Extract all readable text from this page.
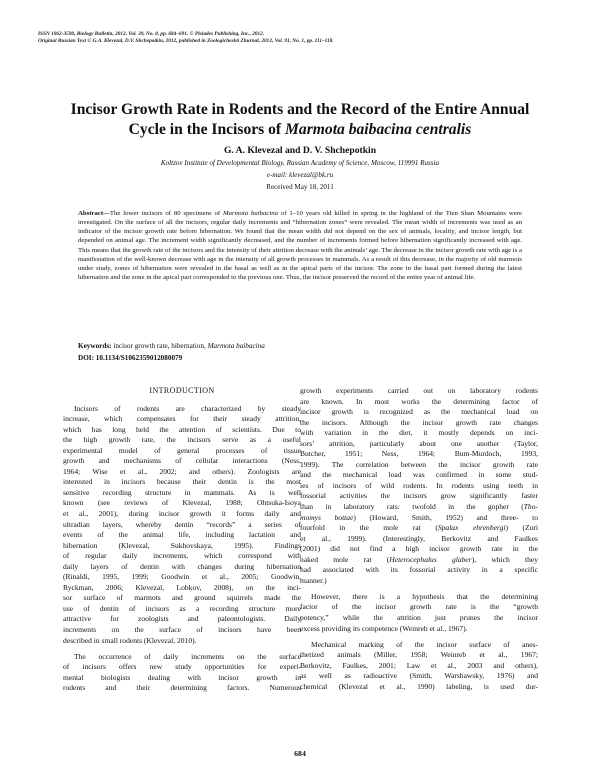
ISSN 1062-3590, Biology Bulletin, 2012, Vol. 39, No. 8, pp. 684–691. © Pleiades Publishing, Inc., 2012.
Original Russian Text © G.A. Klevezal, D.V. Shchepotkin, 2012, published in Zoologicheskii Zhurnal, 2012, Vol. 91, No. 1, pp. 111–118.
Incisor Growth Rate in Rodents and the Record of the Entire Annual
Cycle in the Incisors of Marmota baibacina centralis
G. A. Klevezal and D. V. Shchepotkin
Koltzov Institute of Developmental Biology, Russian Academy of Science, Moscow, 119991 Russia
e-mail: klevezal@bk.ru
Received May 18, 2011
Abstract—The lower incisors of 80 specimens of Marmota baibacina of 1–10 years old killed in spring in the highland of the Tien Shan Mountains were investigated. On the surface of all the incisors, regular daily increments and “hibernation zones” were revealed. The mean width of increments was used as an indicator of the incisor growth rate before hibernation. We found that the mean width did not depend on the sex of animals, locality, and incisor length, but depended on animal age. The increment width significantly decreased, and the number of increments formed before hibernation significantly increased with age. This means that the growth rate of the incisors and the intensity of their attrition decrease with the animals’ age. The decrease in the incisor growth rate with age is a manifestation of the well-known decrease with age in the intensity of all growth processes in mammals. As a result of this decrease, in the majority of old marmots under study, zones of hibernation were revealed in the basal as well as in the apical parts of the incisor. The zone in the basal part formed during the latest hibernation and the zone in the apical part corresponded to the previous one. Thus, the incisor preserved the record of the entire year of animal life.
Keywords: incisor growth rate, hibernation, Marmota baibacina
DOI: 10.1134/S1062359012080079
INTRODUCTION
Incisors of rodents are characterized by steady
increase, which compensates for their steady attrition,
which has long held the attention of scientists. Due to
the high growth rate, the incisors serve as a useful
experimental model of general processes of tissue
growth and mechanisms of cellular interactions (Ness,
1964; Wise et al., 2002; and others). Zoologists are
interested in incisors because their dentin is the most
sensitive recording structure in mammals. As is well
known (see reviews of Klevezal, 1988; Ohtsuka-Isoya
et al., 2001), during incisor growth it forms daily and
ultradian layers, whereby dentin “records” a series of
events of the animal life, including lactation and
hibernation (Klevezal, Sukhovskaya, 1995). Findings
of regular daily increments, which correspond with
daily layers of dentin with changes during hibernation
(Rinaldi, 1995, 1999; Goodwin et al., 2005; Goodwin,
Ryckman, 2006; Klevezal, Lobkov, 2008), on the inci-
sor surface of marmots and ground squirrels made the
use of dentin of incisors as a recording structure more
attractive for zoologists and paleontologists. Daily
increments on the surface of incisors have been
described in small rodents (Klevezal, 2010).
The occurrence of daily increments on the surface
of incisors offers new study opportunities for experi-
mental biologists dealing with incisor growth in
rodents and their determining factors. Numerous
growth experiments carried out on laboratory rodents
are known. In most works the determining factor of
incisor growth is recognized as the mechanical load on
the incisors. Although the incisor growth rate changes
with variation in the diet, it mostly depends on inci-
sors’ attrition, particularly about one another (Taylor,
Butcher, 1951; Ness, 1964; Bum-Murdoch, 1993,
1999). The correlation between the incisor growth rate
and the mechanical load was confirmed in some stud-
ies of incisors of wild rodents. In rodents using teeth in
fossorial activities the incisors grow significantly faster
than in laboratory rats: twofold in the gopher (Tho-
momys bottae) (Howard, Smith, 1952) and three- to
fourfold in the mole rat (Spalax ehrenbergi) (Zuri
et al., 1999). (Interestingly, Berkovitz and Faulkes
(2001) did not find a high incisor growth rate in the
naked mole rat (Heterocephalus glaber), which they
had associated with its fossorial activity in a specific
manner.)
However, there is a hypothesis that the determining
factor of the incisor growth rate is the “growth
potency,” while the attrition just prunes the incisor
excess providing its competence (Weinreb et al., 1967).
Mechanical marking of the incisor surface of anes-
thetized animals (Miller, 1958; Weinreb et al., 1967;
Berkovitz, Faulkes, 2001; Law et al., 2003 and others),
as well as radioactive (Smith, Warshawsky, 1976) and
chemical (Klevezal et al., 1990) labeling, is used dur-
684
